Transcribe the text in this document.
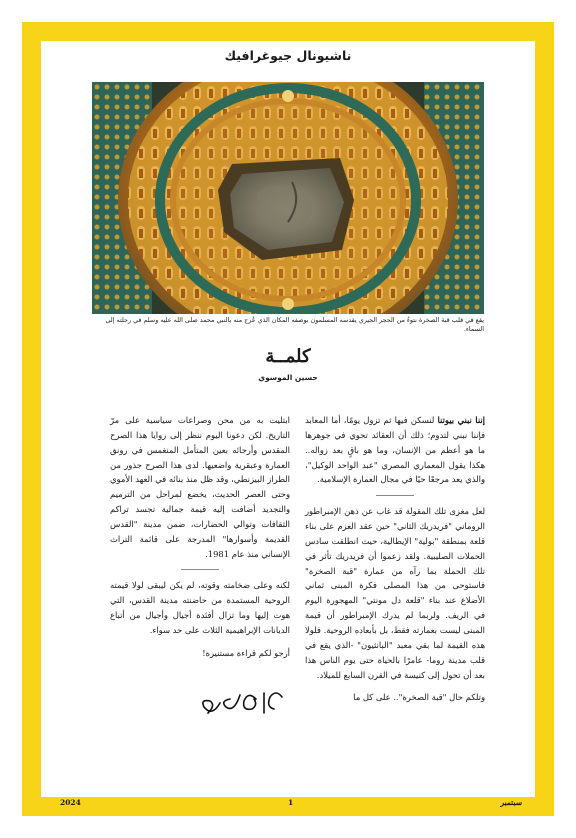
ناشيونال جيوغرافيك
يقع في قلب قبة الصخرة نتوءٌ من الحجر الجيري يقدسه المسلمون بوصفه المكان الذي عُرج منه بالنبي محمد صلى الله عليه وسلم في رحلته إلى السماء.
كلمــة
حسين الموسوي

إننا نبني بيوتنا لنسكن فيها ثم تزول يومًا، أما المعابد فإننا نبني لتدوم؛ ذلك أن العقائد تحوي في جوهرها ما هو أعظم من الإنسان، وما هو باقٍ بعد زواله.. هكذا يقول المعماري المصري "عبد الواحد الوكيل"، والذي يعد مرجعًا حيًا في مجال العمارة الإسلامية.

لعل مغزى تلك المقولة قد غاب عن ذهن الإمبراطور الروماني "فريدريك الثاني" حين عقد العزم على بناء قلعة بمنطقة "بولية" الإيطالية، حيث انطلقت سادس الحملات الصليبية. ولقد زعموا أن فريدريك تأثر في تلك الحملة بما رآه من عمارة "قبة الصخرة" فاستوحى من هذا المصلى فكرة المبنى ثماني الأضلاع عند بناء "قلعة دل مونتي" المهجورة اليوم في الريف. ولربما لم يدرك الإمبراطور أن قيمة المبنى ليست بعمارته فقط، بل بأبعاده الروحية. فلولا هذه القيمة لما بقي معبد "البانثيون" -الذي يقع في قلب مدينة روما- عامرًا بالحياة حتى يوم الناس هذا بعد أن تحول إلى كنيسة في القرن السابع للميلاد.

وتلكم حال "قبة الصخرة".. على كل ما

ابتليت به من محن وصراعات سياسية على مرّ التاريخ. لكن دعونا اليوم ننظر إلى زوايا هذا الصرح المقدس وأرجائه بعين المتأمل المنغمس في رونق العمارة وعبقرية واضعيها. لدى هذا الصرح جذور من الطراز البيزنطي، وقد ظل منذ بنائه في العهد الأموي وحتى العصر الحديث، يخضع لمراحل من الترميم والتجديد أضافت إليه قيمة جمالية تجسد تراكم الثقافات وتوالي الحضارات، ضمن مدينة "القدس القديمة وأسوارها" المدرجة على قائمة التراث الإنساني منذ عام 1981.

لكنه وعلى ضخامته وقوته، لم يكن ليبقى لولا قيمته الروحية المستمدة من حاضنته مدينة القدس، التي هوت إليها وما تزال أفئدة أجيال وأجيال من أتباع الديانات الإبراهيمية الثلاث على حد سواء.

أرجو لكم قراءة مستنيرة!

2024	1	سبتمبر
